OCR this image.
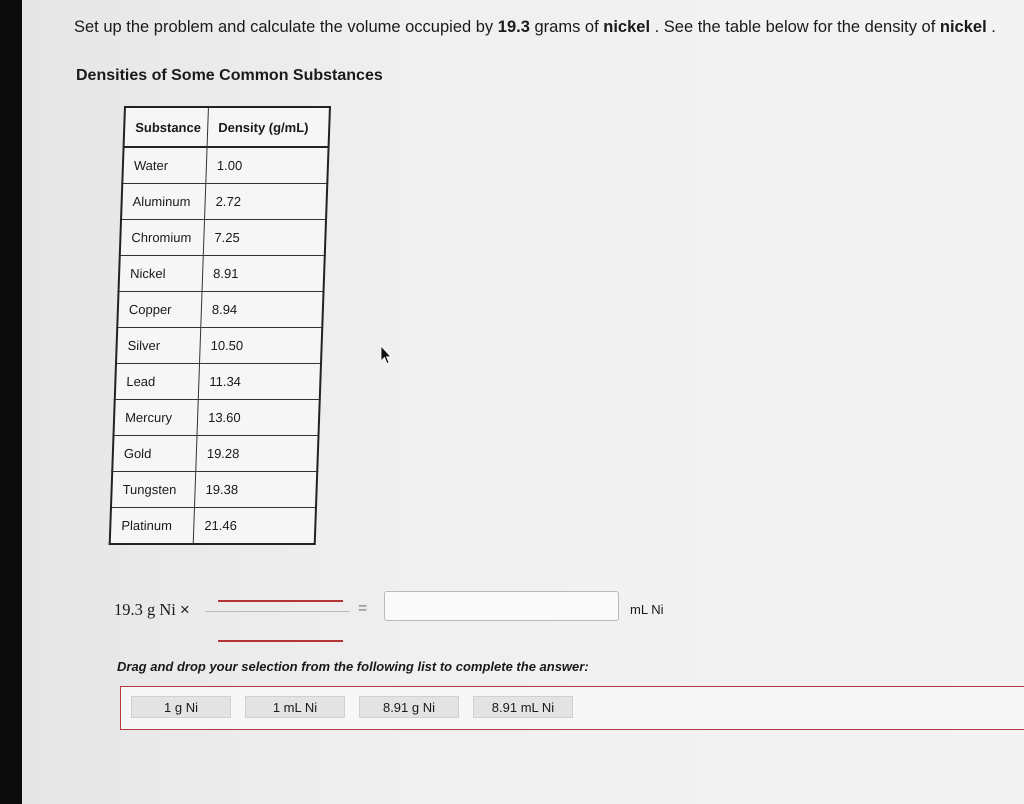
Set up the problem and calculate the volume occupied by 19.3 grams of nickel . See the table below for the density of nickel .
Densities of Some Common Substances
Substance	Density (g/mL)
Water	1.00
Aluminum	2.72
Chromium	7.25
Nickel	8.91
Copper	8.94
Silver	10.50
Lead	11.34
Mercury	13.60
Gold	19.28
Tungsten	19.38
Platinum	21.46
19.3 g Ni ×	=	mL Ni
Drag and drop your selection from the following list to complete the answer:
1 g Ni	1 mL Ni	8.91 g Ni	8.91 mL Ni
